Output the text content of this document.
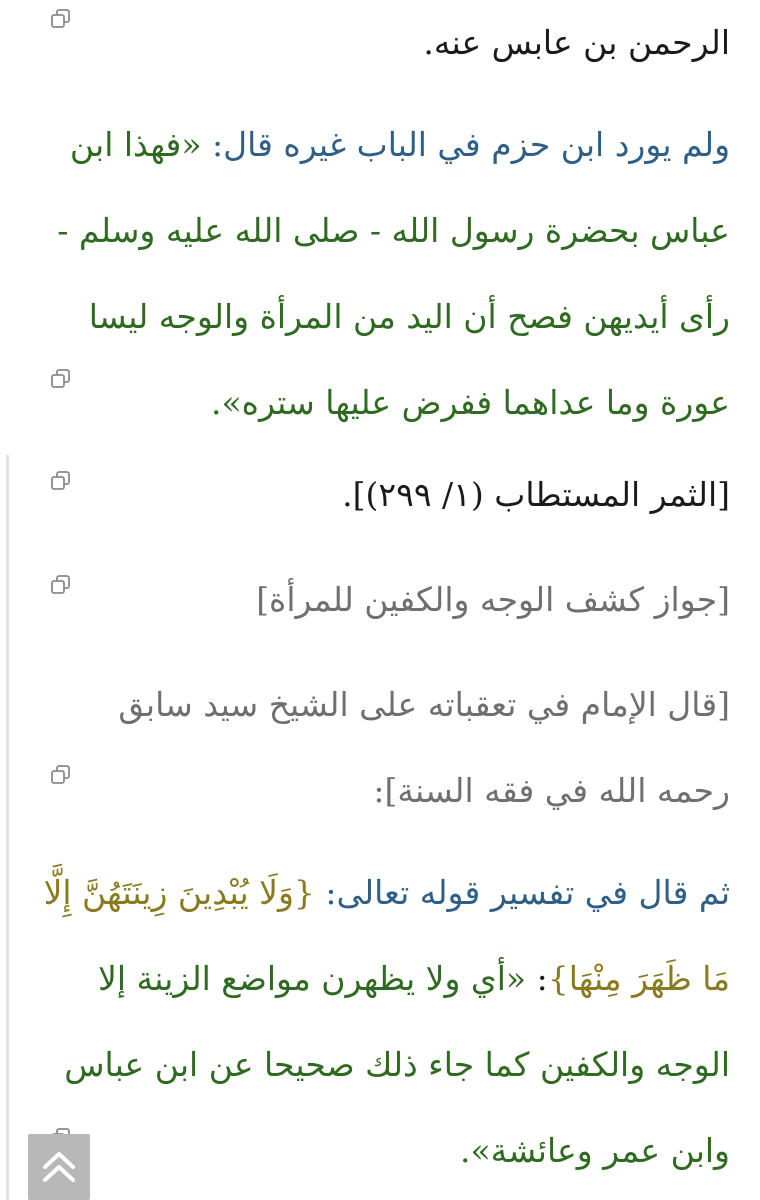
الرحمن بن عابس عنه.

ولم يورد ابن حزم في الباب غيره قال: «فهذا ابن عباس بحضرة رسول الله - صلى الله عليه وسلم - رأى أيديهن فصح أن اليد من المرأة والوجه ليسا عورة وما عداهما ففرض عليها ستره».

[الثمر المستطاب (١/ ٢٩٩)].

[جواز كشف الوجه والكفين للمرأة]

[قال الإمام في تعقباته على الشيخ سيد سابق رحمه الله في فقه السنة]:

ثم قال في تفسير قوله تعالى: {وَلَا يُبْدِينَ زِينَتَهُنَّ إِلَّا مَا ظَهَرَ مِنْهَا}: «أي ولا يظهرن مواضع الزينة إلا الوجه والكفين كما جاء ذلك صحيحا عن ابن عباس وابن عمر وعائشة».
